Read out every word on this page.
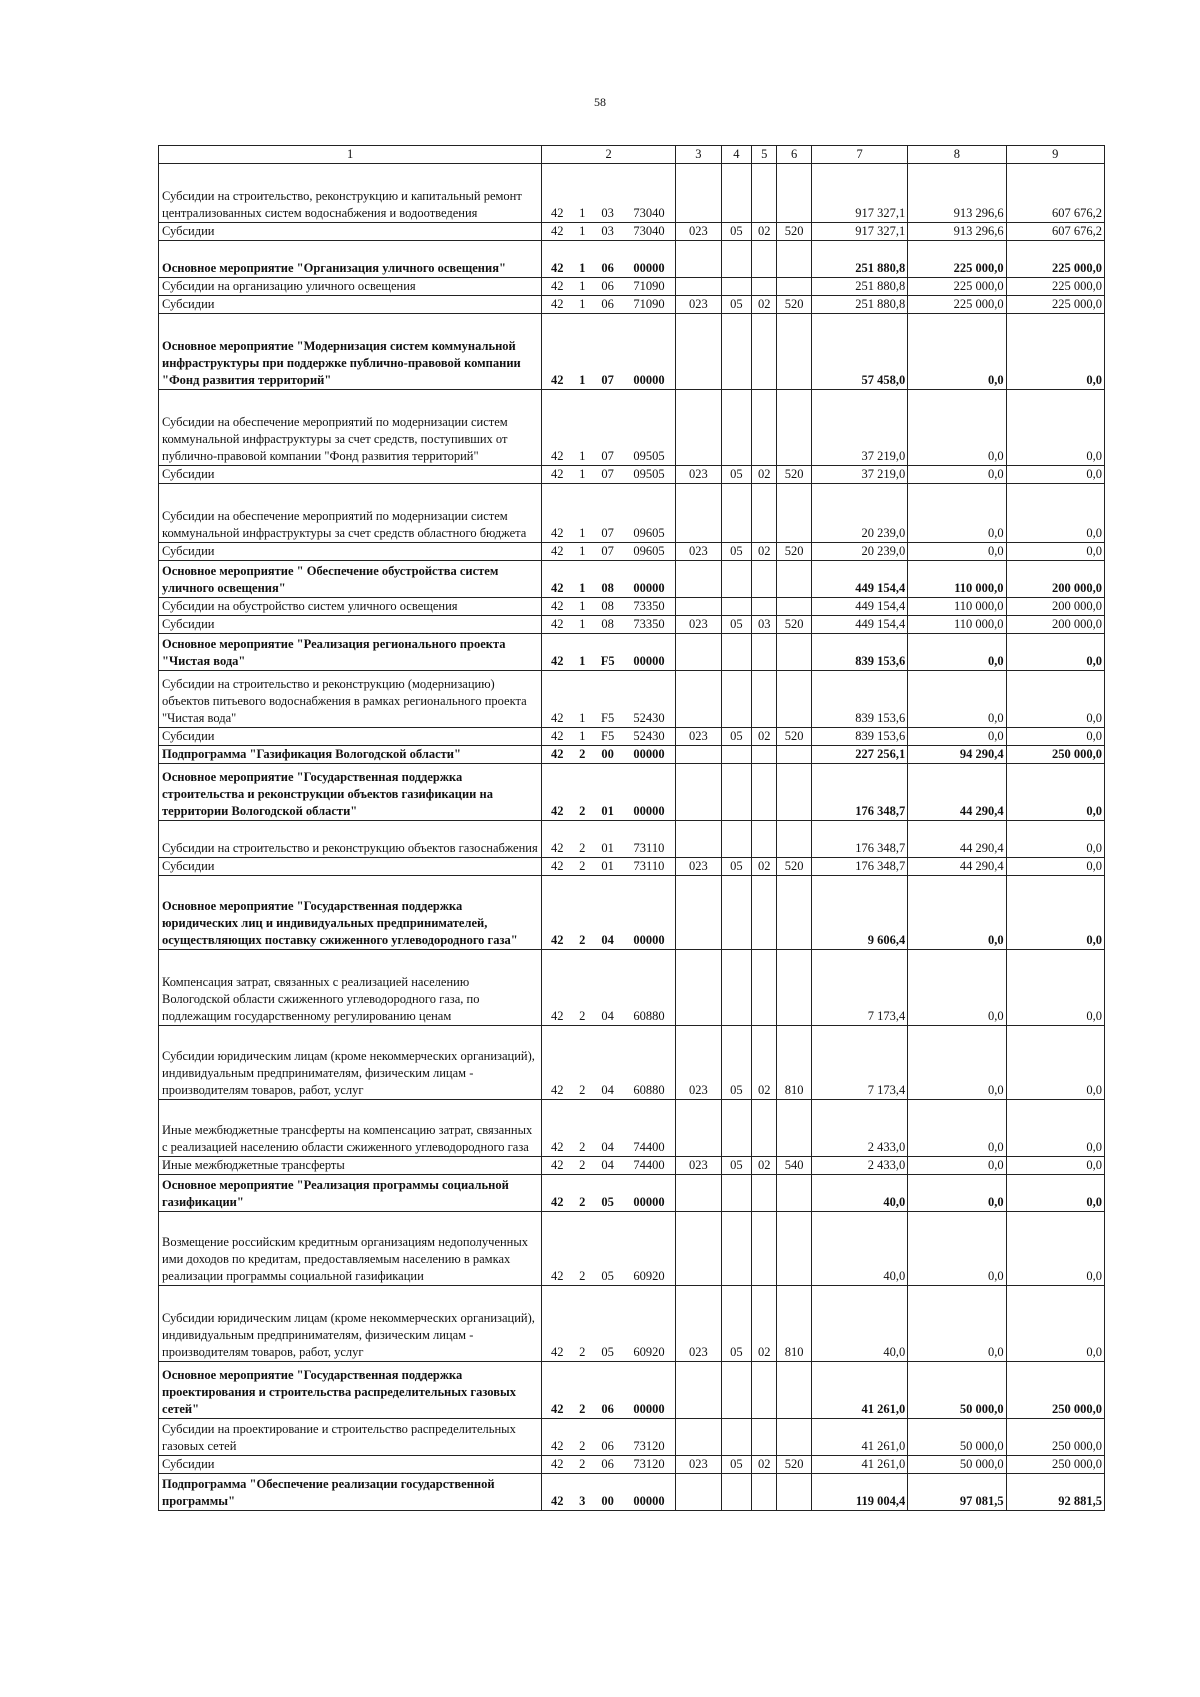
58
1	2				3	4	5	6	7	8	9
Субсидии на строительство, реконструкцию и капитальный ремонт централизованных систем водоснабжения и водоотведения	42	1	03	73040					917 327,1	913 296,6	607 676,2
Субсидии	42	1	03	73040	023	05	02	520	917 327,1	913 296,6	607 676,2
Основное мероприятие "Организация уличного освещения"	42	1	06	00000					251 880,8	225 000,0	225 000,0
Субсидии на организацию уличного освещения	42	1	06	71090					251 880,8	225 000,0	225 000,0
Субсидии	42	1	06	71090	023	05	02	520	251 880,8	225 000,0	225 000,0
Основное мероприятие "Модернизация систем коммунальной инфраструктуры при поддержке публично-правовой компании "Фонд развития территорий"	42	1	07	00000					57 458,0	0,0	0,0
Субсидии на обеспечение мероприятий по модернизации систем коммунальной инфраструктуры за счет средств, поступивших от публично-правовой компании "Фонд развития территорий"	42	1	07	09505					37 219,0	0,0	0,0
Субсидии	42	1	07	09505	023	05	02	520	37 219,0	0,0	0,0
Субсидии на обеспечение мероприятий по модернизации систем коммунальной инфраструктуры за счет средств областного бюджета	42	1	07	09605					20 239,0	0,0	0,0
Субсидии	42	1	07	09605	023	05	02	520	20 239,0	0,0	0,0
Основное мероприятие " Обеспечение обустройства систем уличного освещения"	42	1	08	00000					449 154,4	110 000,0	200 000,0
Субсидии на обустройство систем уличного освещения	42	1	08	73350					449 154,4	110 000,0	200 000,0
Субсидии	42	1	08	73350	023	05	03	520	449 154,4	110 000,0	200 000,0
Основное мероприятие "Реализация регионального проекта "Чистая вода"	42	1	F5	00000					839 153,6	0,0	0,0
Субсидии на строительство и реконструкцию (модернизацию) объектов питьевого водоснабжения в рамках регионального проекта "Чистая вода"	42	1	F5	52430					839 153,6	0,0	0,0
Субсидии	42	1	F5	52430	023	05	02	520	839 153,6	0,0	0,0
Подпрограмма "Газификация Вологодской области"	42	2	00	00000					227 256,1	94 290,4	250 000,0
Основное мероприятие "Государственная поддержка строительства и реконструкции объектов газификации на территории Вологодской области"	42	2	01	00000					176 348,7	44 290,4	0,0
Субсидии на строительство и реконструкцию объектов газоснабжения	42	2	01	73110					176 348,7	44 290,4	0,0
Субсидии	42	2	01	73110	023	05	02	520	176 348,7	44 290,4	0,0
Основное мероприятие "Государственная поддержка юридических лиц и индивидуальных предпринимателей, осуществляющих поставку сжиженного углеводородного газа"	42	2	04	00000					9 606,4	0,0	0,0
Компенсация затрат, связанных с реализацией населению Вологодской области сжиженного углеводородного газа, по подлежащим государственному регулированию ценам	42	2	04	60880					7 173,4	0,0	0,0
Субсидии юридическим лицам (кроме некоммерческих организаций), индивидуальным предпринимателям, физическим лицам - производителям товаров, работ, услуг	42	2	04	60880	023	05	02	810	7 173,4	0,0	0,0
Иные межбюджетные трансферты на компенсацию затрат, связанных с реализацией населению области сжиженного углеводородного газа	42	2	04	74400					2 433,0	0,0	0,0
Иные межбюджетные трансферты	42	2	04	74400	023	05	02	540	2 433,0	0,0	0,0
Основное мероприятие "Реализация программы социальной газификации"	42	2	05	00000					40,0	0,0	0,0
Возмещение российским кредитным организациям недополученных ими доходов по кредитам, предоставляемым населению в рамках реализации программы социальной газификации	42	2	05	60920					40,0	0,0	0,0
Субсидии юридическим лицам (кроме некоммерческих организаций), индивидуальным предпринимателям, физическим лицам - производителям товаров, работ, услуг	42	2	05	60920	023	05	02	810	40,0	0,0	0,0
Основное мероприятие "Государственная поддержка проектирования и строительства распределительных газовых сетей"	42	2	06	00000					41 261,0	50 000,0	250 000,0
Субсидии на проектирование и строительство распределительных газовых сетей	42	2	06	73120					41 261,0	50 000,0	250 000,0
Субсидии	42	2	06	73120	023	05	02	520	41 261,0	50 000,0	250 000,0
Подпрограмма "Обеспечение реализации государственной программы"	42	3	00	00000					119 004,4	97 081,5	92 881,5
